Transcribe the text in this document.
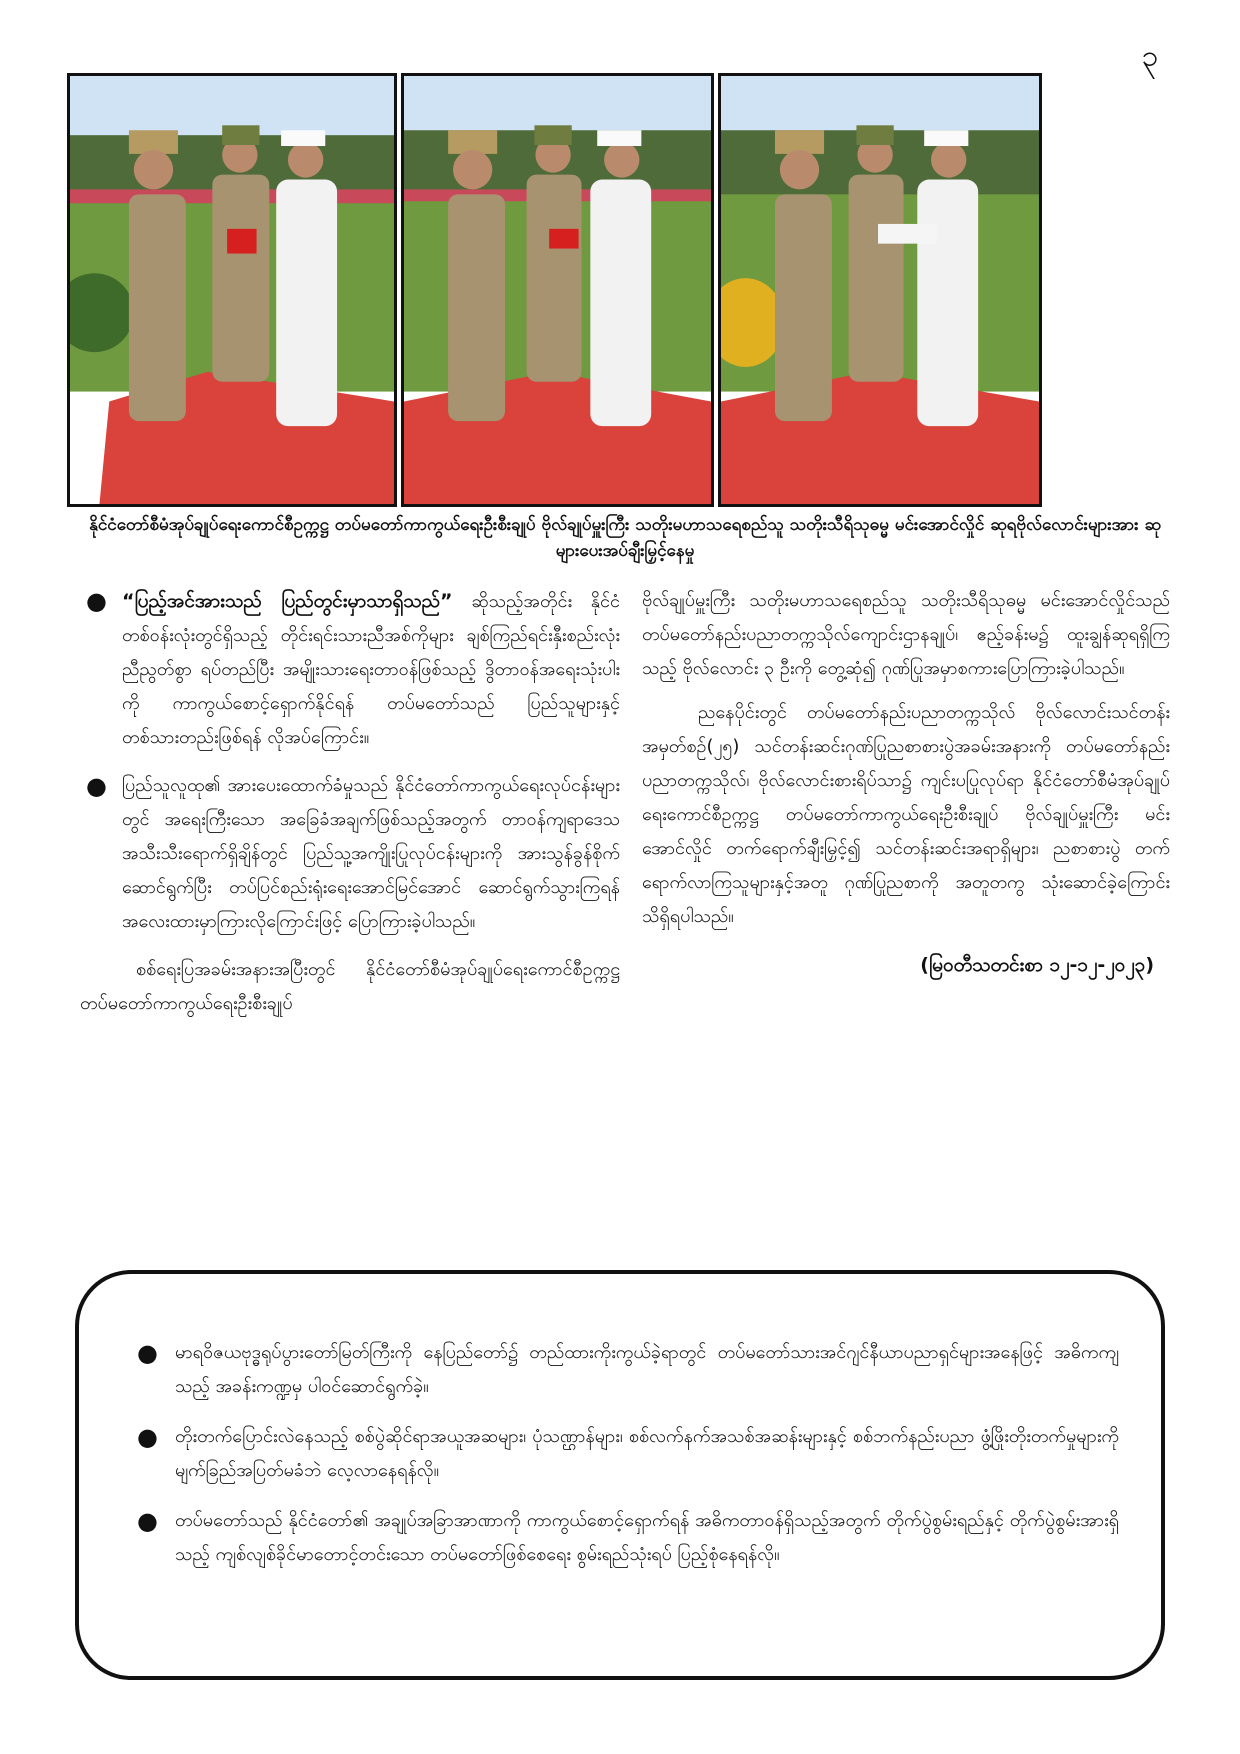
၃
နိုင်ငံတော်စီမံအုပ်ချုပ်ရေးကောင်စီဥက္ကဋ္ဌ တပ်မတော်ကာကွယ်ရေးဦးစီးချုပ် ဗိုလ်ချုပ်မှူးကြီး သတိုးမဟာသရေစည်သူ သတိုးသီရိသုဓမ္မ မင်းအောင်လှိုင် ဆုရဗိုလ်လောင်းများအား ဆုများပေးအပ်ချီးမြှင့်နေမှု
● “ပြည့်အင်အားသည် ပြည်တွင်းမှာသာရှိသည်” ဆိုသည့်အတိုင်း နိုင်ငံတစ်ဝန်းလုံးတွင်ရှိသည့် တိုင်းရင်းသားညီအစ်ကိုများ ချစ်ကြည်ရင်းနှီးစည်းလုံးညီညွတ်စွာ ရပ်တည်ပြီး အမျိုးသားရေးတာဝန်ဖြစ်သည့် ဒွိတာဝန်အရေးသုံးပါးကို ကာကွယ်စောင့်ရှောက်နိုင်ရန် တပ်မတော်သည် ပြည်သူများနှင့် တစ်သားတည်းဖြစ်ရန် လိုအပ်ကြောင်း။
● ပြည်သူလူထု၏ အားပေးထောက်ခံမှုသည် နိုင်ငံတော်ကာကွယ်ရေးလုပ်ငန်းများတွင် အရေးကြီးသော အခြေခံအချက်ဖြစ်သည့်အတွက် တာဝန်ကျရာဒေသအသီးသီးရောက်ရှိချိန်တွင် ပြည်သူ့အကျိုးပြုလုပ်ငန်းများကို အားသွန်ခွန်စိုက်ဆောင်ရွက်ပြီး တပ်ပြင်စည်းရုံးရေးအောင်မြင်အောင် ဆောင်ရွက်သွားကြရန် အလေးထားမှာကြားလိုကြောင်းဖြင့် ပြောကြားခဲ့ပါသည်။

စစ်ရေးပြအခမ်းအနားအပြီးတွင် နိုင်ငံတော်စီမံအုပ်ချုပ်ရေးကောင်စီဥက္ကဋ္ဌ တပ်မတော်ကာကွယ်ရေးဦးစီးချုပ်

ဗိုလ်ချုပ်မှူးကြီး သတိုးမဟာသရေစည်သူ သတိုးသီရိသုဓမ္မ မင်းအောင်လှိုင်သည် တပ်မတော်နည်းပညာတက္ကသိုလ်ကျောင်းဌာနချုပ်၊ ဧည့်ခန်းမ၌ ထူးချွန်ဆုရရှိကြသည့် ဗိုလ်လောင်း ၃ ဦးကို တွေ့ဆုံ၍ ဂုဏ်ပြုအမှာစကားပြောကြားခဲ့ပါသည်။

ညနေပိုင်းတွင် တပ်မတော်နည်းပညာတက္ကသိုလ် ဗိုလ်လောင်းသင်တန်းအမှတ်စဉ်(၂၅) သင်တန်းဆင်းဂုဏ်ပြုညစာစားပွဲအခမ်းအနားကို တပ်မတော်နည်းပညာတက္ကသိုလ်၊ ဗိုလ်လောင်းစားရိပ်သာ၌ ကျင်းပပြုလုပ်ရာ နိုင်ငံတော်စီမံအုပ်ချုပ်ရေးကောင်စီဥက္ကဋ္ဌ တပ်မတော်ကာကွယ်ရေးဦးစီးချုပ် ဗိုလ်ချုပ်မှူးကြီး မင်းအောင်လှိုင် တက်ရောက်ချီးမြှင့်၍ သင်တန်းဆင်းအရာရှိများ၊ ညစာစားပွဲ တက်ရောက်လာကြသူများနှင့်အတူ ဂုဏ်ပြုညစာကို အတူတကွ သုံးဆောင်ခဲ့ကြောင်း သိရှိရပါသည်။

(မြဝတီသတင်းစာ ၁၂-၁၂-၂၀၂၃)
● မာရဝိဇယဗုဒ္ဓရုပ်ပွားတော်မြတ်ကြီးကို နေပြည်တော်၌ တည်ထားကိုးကွယ်ခဲ့ရာတွင် တပ်မတော်သားအင်ဂျင်နီယာပညာရှင်များအနေဖြင့် အဓိကကျသည့် အခန်းကဏ္ဍမှ ပါဝင်ဆောင်ရွက်ခဲ့။
● တိုးတက်ပြောင်းလဲနေသည့် စစ်ပွဲဆိုင်ရာအယူအဆများ၊ ပုံသဏ္ဌာန်များ၊ စစ်လက်နက်အသစ်အဆန်းများနှင့် စစ်ဘက်နည်းပညာ ဖွံ့ဖြိုးတိုးတက်မှုများကို မျက်ခြည်အပြတ်မခံဘဲ လေ့လာနေရန်လို။
● တပ်မတော်သည် နိုင်ငံတော်၏ အချုပ်အခြာအာဏာကို ကာကွယ်စောင့်ရှောက်ရန် အဓိကတာဝန်ရှိသည့်အတွက် တိုက်ပွဲစွမ်းရည်နှင့် တိုက်ပွဲစွမ်းအားရှိသည့် ကျစ်လျစ်ခိုင်မာတောင့်တင်းသော တပ်မတော်ဖြစ်စေရေး စွမ်းရည်သုံးရပ် ပြည့်စုံနေရန်လို။
